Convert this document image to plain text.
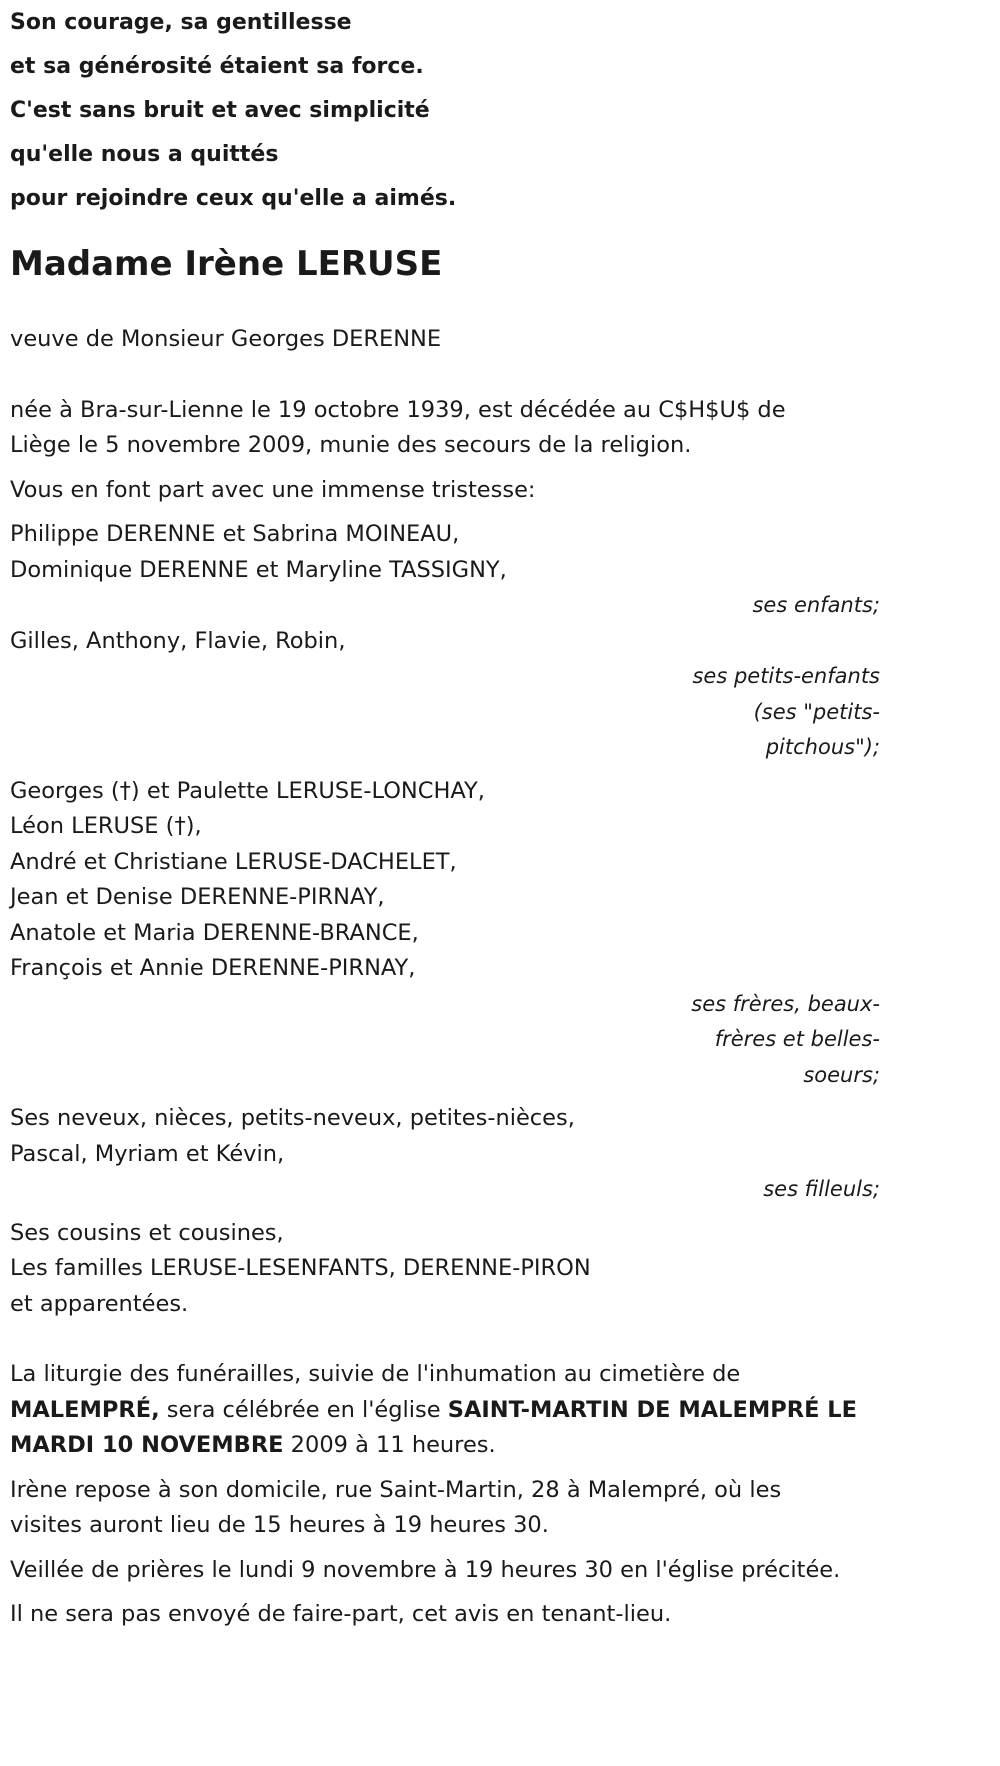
Son courage, sa gentillesse
et sa générosité étaient sa force.
C'est sans bruit et avec simplicité
qu'elle nous a quittés
pour rejoindre ceux qu'elle a aimés.
Madame Irène LERUSE
veuve de Monsieur Georges DERENNE
née à Bra-sur-Lienne le 19 octobre 1939, est décédée au C$H$U$ de
Liège le 5 novembre 2009, munie des secours de la religion.
Vous en font part avec une immense tristesse:
Philippe DERENNE et Sabrina MOINEAU,
Dominique DERENNE et Maryline TASSIGNY,
ses enfants;
Gilles, Anthony, Flavie, Robin,
ses petits-enfants
(ses "petits-
pitchous");
Georges (†) et Paulette LERUSE-LONCHAY,
Léon LERUSE (†),
André et Christiane LERUSE-DACHELET,
Jean et Denise DERENNE-PIRNAY,
Anatole et Maria DERENNE-BRANCE,
François et Annie DERENNE-PIRNAY,
ses frères, beaux-
frères et belles-
soeurs;
Ses neveux, nièces, petits-neveux, petites-nièces,
Pascal, Myriam et Kévin,
ses filleuls;
Ses cousins et cousines,
Les familles LERUSE-LESENFANTS, DERENNE-PIRON
et apparentées.
La liturgie des funérailles, suivie de l'inhumation au cimetière de
MALEMPRÉ, sera célébrée en l'église SAINT-MARTIN DE MALEMPRÉ LE
MARDI 10 NOVEMBRE 2009 à 11 heures.
Irène repose à son domicile, rue Saint-Martin, 28 à Malempré, où les
visites auront lieu de 15 heures à 19 heures 30.
Veillée de prières le lundi 9 novembre à 19 heures 30 en l'église précitée.
Il ne sera pas envoyé de faire-part, cet avis en tenant-lieu.
